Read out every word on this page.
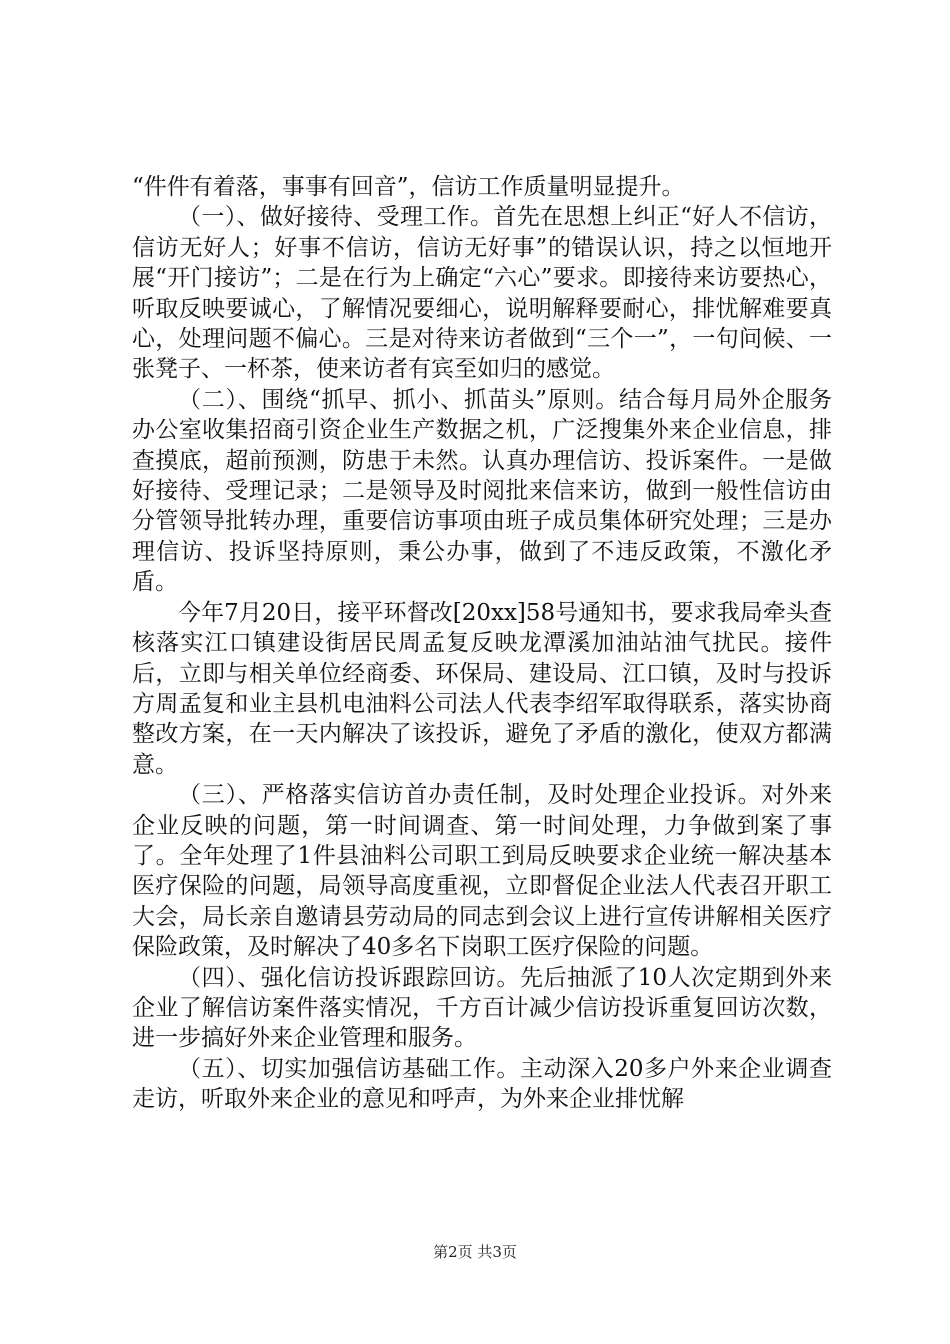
“件件有着落，事事有回音”，信访工作质量明显提升。

（一）、做好接待、受理工作。首先在思想上纠正“好人不信访，信访无好人；好事不信访，信访无好事”的错误认识，持之以恒地开展“开门接访”；二是在行为上确定“六心”要求。即接待来访要热心，听取反映要诚心，了解情况要细心，说明解释要耐心，排忧解难要真心，处理问题不偏心。三是对待来访者做到“三个一”，一句问候、一张凳子、一杯茶，使来访者有宾至如归的感觉。

（二）、围绕“抓早、抓小、抓苗头”原则。结合每月局外企服务办公室收集招商引资企业生产数据之机，广泛搜集外来企业信息，排查摸底，超前预测，防患于未然。认真办理信访、投诉案件。一是做好接待、受理记录；二是领导及时阅批来信来访，做到一般性信访由分管领导批转办理，重要信访事项由班子成员集体研究处理；三是办理信访、投诉坚持原则，秉公办事，做到了不违反政策，不激化矛盾。

今年7月20日，接平环督改[20xx]58号通知书，要求我局牵头查核落实江口镇建设街居民周孟复反映龙潭溪加油站油气扰民。接件后，立即与相关单位经商委、环保局、建设局、江口镇，及时与投诉方周孟复和业主县机电油料公司法人代表李绍军取得联系，落实协商整改方案，在一天内解决了该投诉，避免了矛盾的激化，使双方都满意。

（三）、严格落实信访首办责任制，及时处理企业投诉。对外来企业反映的问题，第一时间调查、第一时间处理，力争做到案了事了。全年处理了1件县油料公司职工到局反映要求企业统一解决基本医疗保险的问题，局领导高度重视，立即督促企业法人代表召开职工大会，局长亲自邀请县劳动局的同志到会议上进行宣传讲解相关医疗保险政策，及时解决了40多名下岗职工医疗保险的问题。

（四）、强化信访投诉跟踪回访。先后抽派了10人次定期到外来企业了解信访案件落实情况，千方百计减少信访投诉重复回访次数，进一步搞好外来企业管理和服务。

（五）、切实加强信访基础工作。主动深入20多户外来企业调查走访，听取外来企业的意见和呼声，为外来企业排忧解

第2页 共3页
